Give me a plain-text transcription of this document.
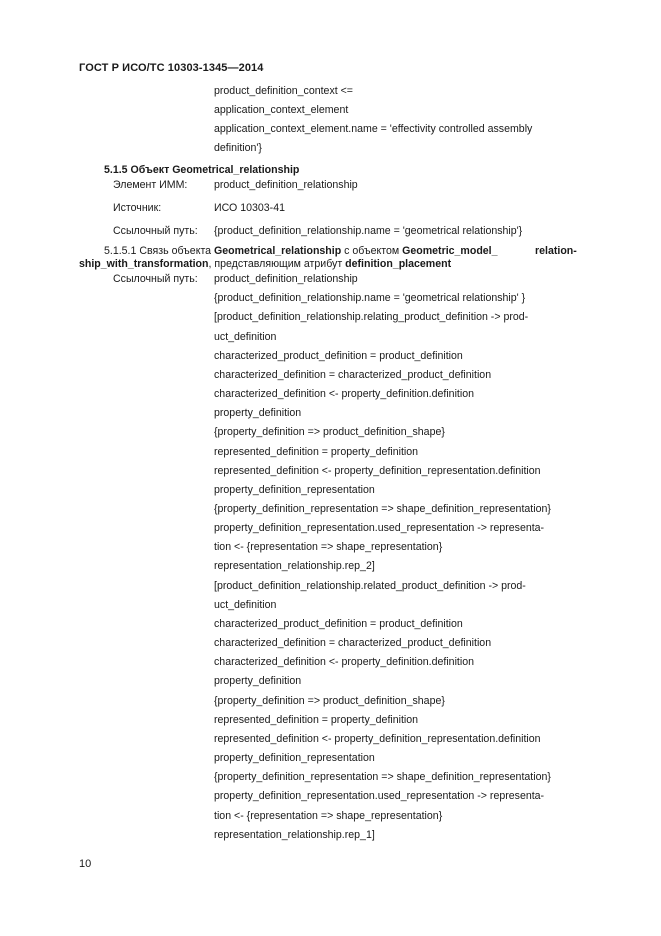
ГОСТ Р ИСО/ТС 10303-1345—2014
product_definition_context <=
application_context_element
application_context_element.name = 'effectivity controlled assembly
definition'}
5.1.5 Объект Geometrical_relationship
Элемент ИММ:	product_definition_relationship
Источник:	ИСО 10303-41
Ссылочный путь: {product_definition_relationship.name = 'geometrical relationship'}
5.1.5.1 Связь объекта Geometrical_relationship с объектом Geometric_model_	relation-
ship_with_transformation, представляющим атрибут definition_placement
Ссылочный путь: product_definition_relationship
{product_definition_relationship.name = 'geometrical relationship' }
[product_definition_relationship.relating_product_definition -> prod-
uct_definition
characterized_product_definition = product_definition
characterized_definition = characterized_product_definition
characterized_definition <- property_definition.definition
property_definition
{property_definition => product_definition_shape}
represented_definition = property_definition
represented_definition <- property_definition_representation.definition
property_definition_representation
{property_definition_representation => shape_definition_representation}
property_definition_representation.used_representation -> representa-
tion <- {representation => shape_representation}
representation_relationship.rep_2]
[product_definition_relationship.related_product_definition -> prod-
uct_definition
characterized_product_definition = product_definition
characterized_definition = characterized_product_definition
characterized_definition <- property_definition.definition
property_definition
{property_definition => product_definition_shape}
represented_definition = property_definition
represented_definition <- property_definition_representation.definition
property_definition_representation
{property_definition_representation => shape_definition_representation}
property_definition_representation.used_representation -> representa-
tion <- {representation => shape_representation}
representation_relationship.rep_1]
10
